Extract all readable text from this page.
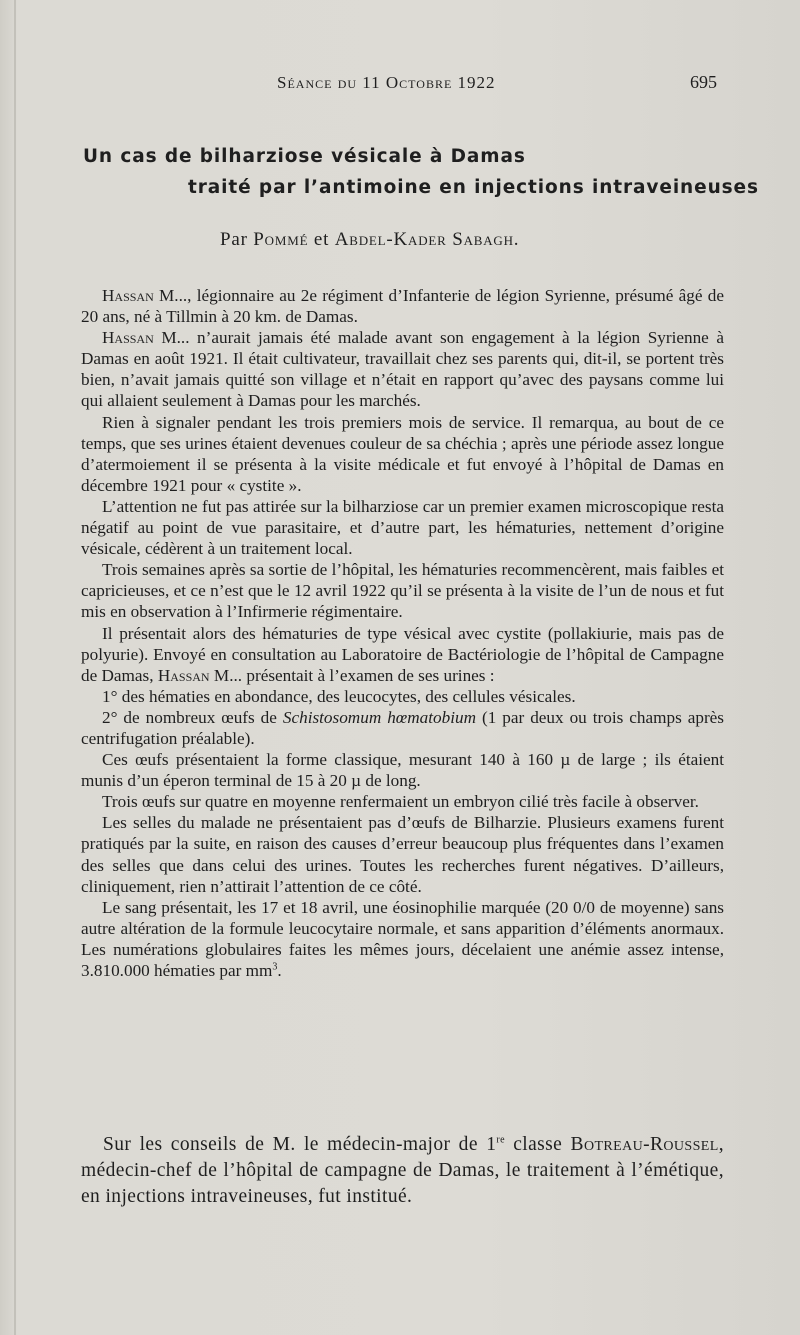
Séance du 11 Octobre 1922	695
Un cas de bilharziose vésicale à Damas
traité par l’antimoine en injections intraveineuses
Par Pommé et Abdel-Kader Sabagh.

Hassan M..., légionnaire au 2e régiment d’Infanterie de légion Syrienne, présumé âgé de 20 ans, né à Tillmin à 20 km. de Damas.

Hassan M... n’aurait jamais été malade avant son engagement à la légion Syrienne à Damas en août 1921. Il était cultivateur, travaillait chez ses parents qui, dit-il, se portent très bien, n’avait jamais quitté son village et n’était en rapport qu’avec des paysans comme lui qui allaient seulement à Damas pour les marchés.

Rien à signaler pendant les trois premiers mois de service. Il remarqua, au bout de ce temps, que ses urines étaient devenues couleur de sa chéchia ; après une période assez longue d’atermoiement il se présenta à la visite médicale et fut envoyé à l’hôpital de Damas en décembre 1921 pour « cystite ».

L’attention ne fut pas attirée sur la bilharziose car un premier examen microscopique resta négatif au point de vue parasitaire, et d’autre part, les hématuries, nettement d’origine vésicale, cédèrent à un traitement local.

Trois semaines après sa sortie de l’hôpital, les hématuries recommencèrent, mais faibles et capricieuses, et ce n’est que le 12 avril 1922 qu’il se présenta à la visite de l’un de nous et fut mis en observation à l’Infirmerie régimentaire.

Il présentait alors des hématuries de type vésical avec cystite (pollakiurie, mais pas de polyurie). Envoyé en consultation au Laboratoire de Bactériologie de l’hôpital de Campagne de Damas, Hassan M... présentait à l’examen de ses urines :

1° des hématies en abondance, des leucocytes, des cellules vésicales.

2° de nombreux œufs de Schistosomum hœmatobium (1 par deux ou trois champs après centrifugation préalable).

Ces œufs présentaient la forme classique, mesurant 140 à 160 µ de large ; ils étaient munis d’un éperon terminal de 15 à 20 µ de long.

Trois œufs sur quatre en moyenne renfermaient un embryon cilié très facile à observer.

Les selles du malade ne présentaient pas d’œufs de Bilharzie. Plusieurs examens furent pratiqués par la suite, en raison des causes d’erreur beaucoup plus fréquentes dans l’examen des selles que dans celui des urines. Toutes les recherches furent négatives. D’ailleurs, cliniquement, rien n’attirait l’attention de ce côté.

Le sang présentait, les 17 et 18 avril, une éosinophilie marquée (20 0/0 de moyenne) sans autre altération de la formule leucocytaire normale, et sans apparition d’éléments anormaux. Les numérations globulaires faites les mêmes jours, décelaient une anémie assez intense, 3.810.000 hématies par $mm^3$.

Sur les conseils de M. le médecin-major de 1re classe Botreau-Roussel, médecin-chef de l’hôpital de campagne de Damas, le traitement à l’émétique, en injections intraveineuses, fut institué.
